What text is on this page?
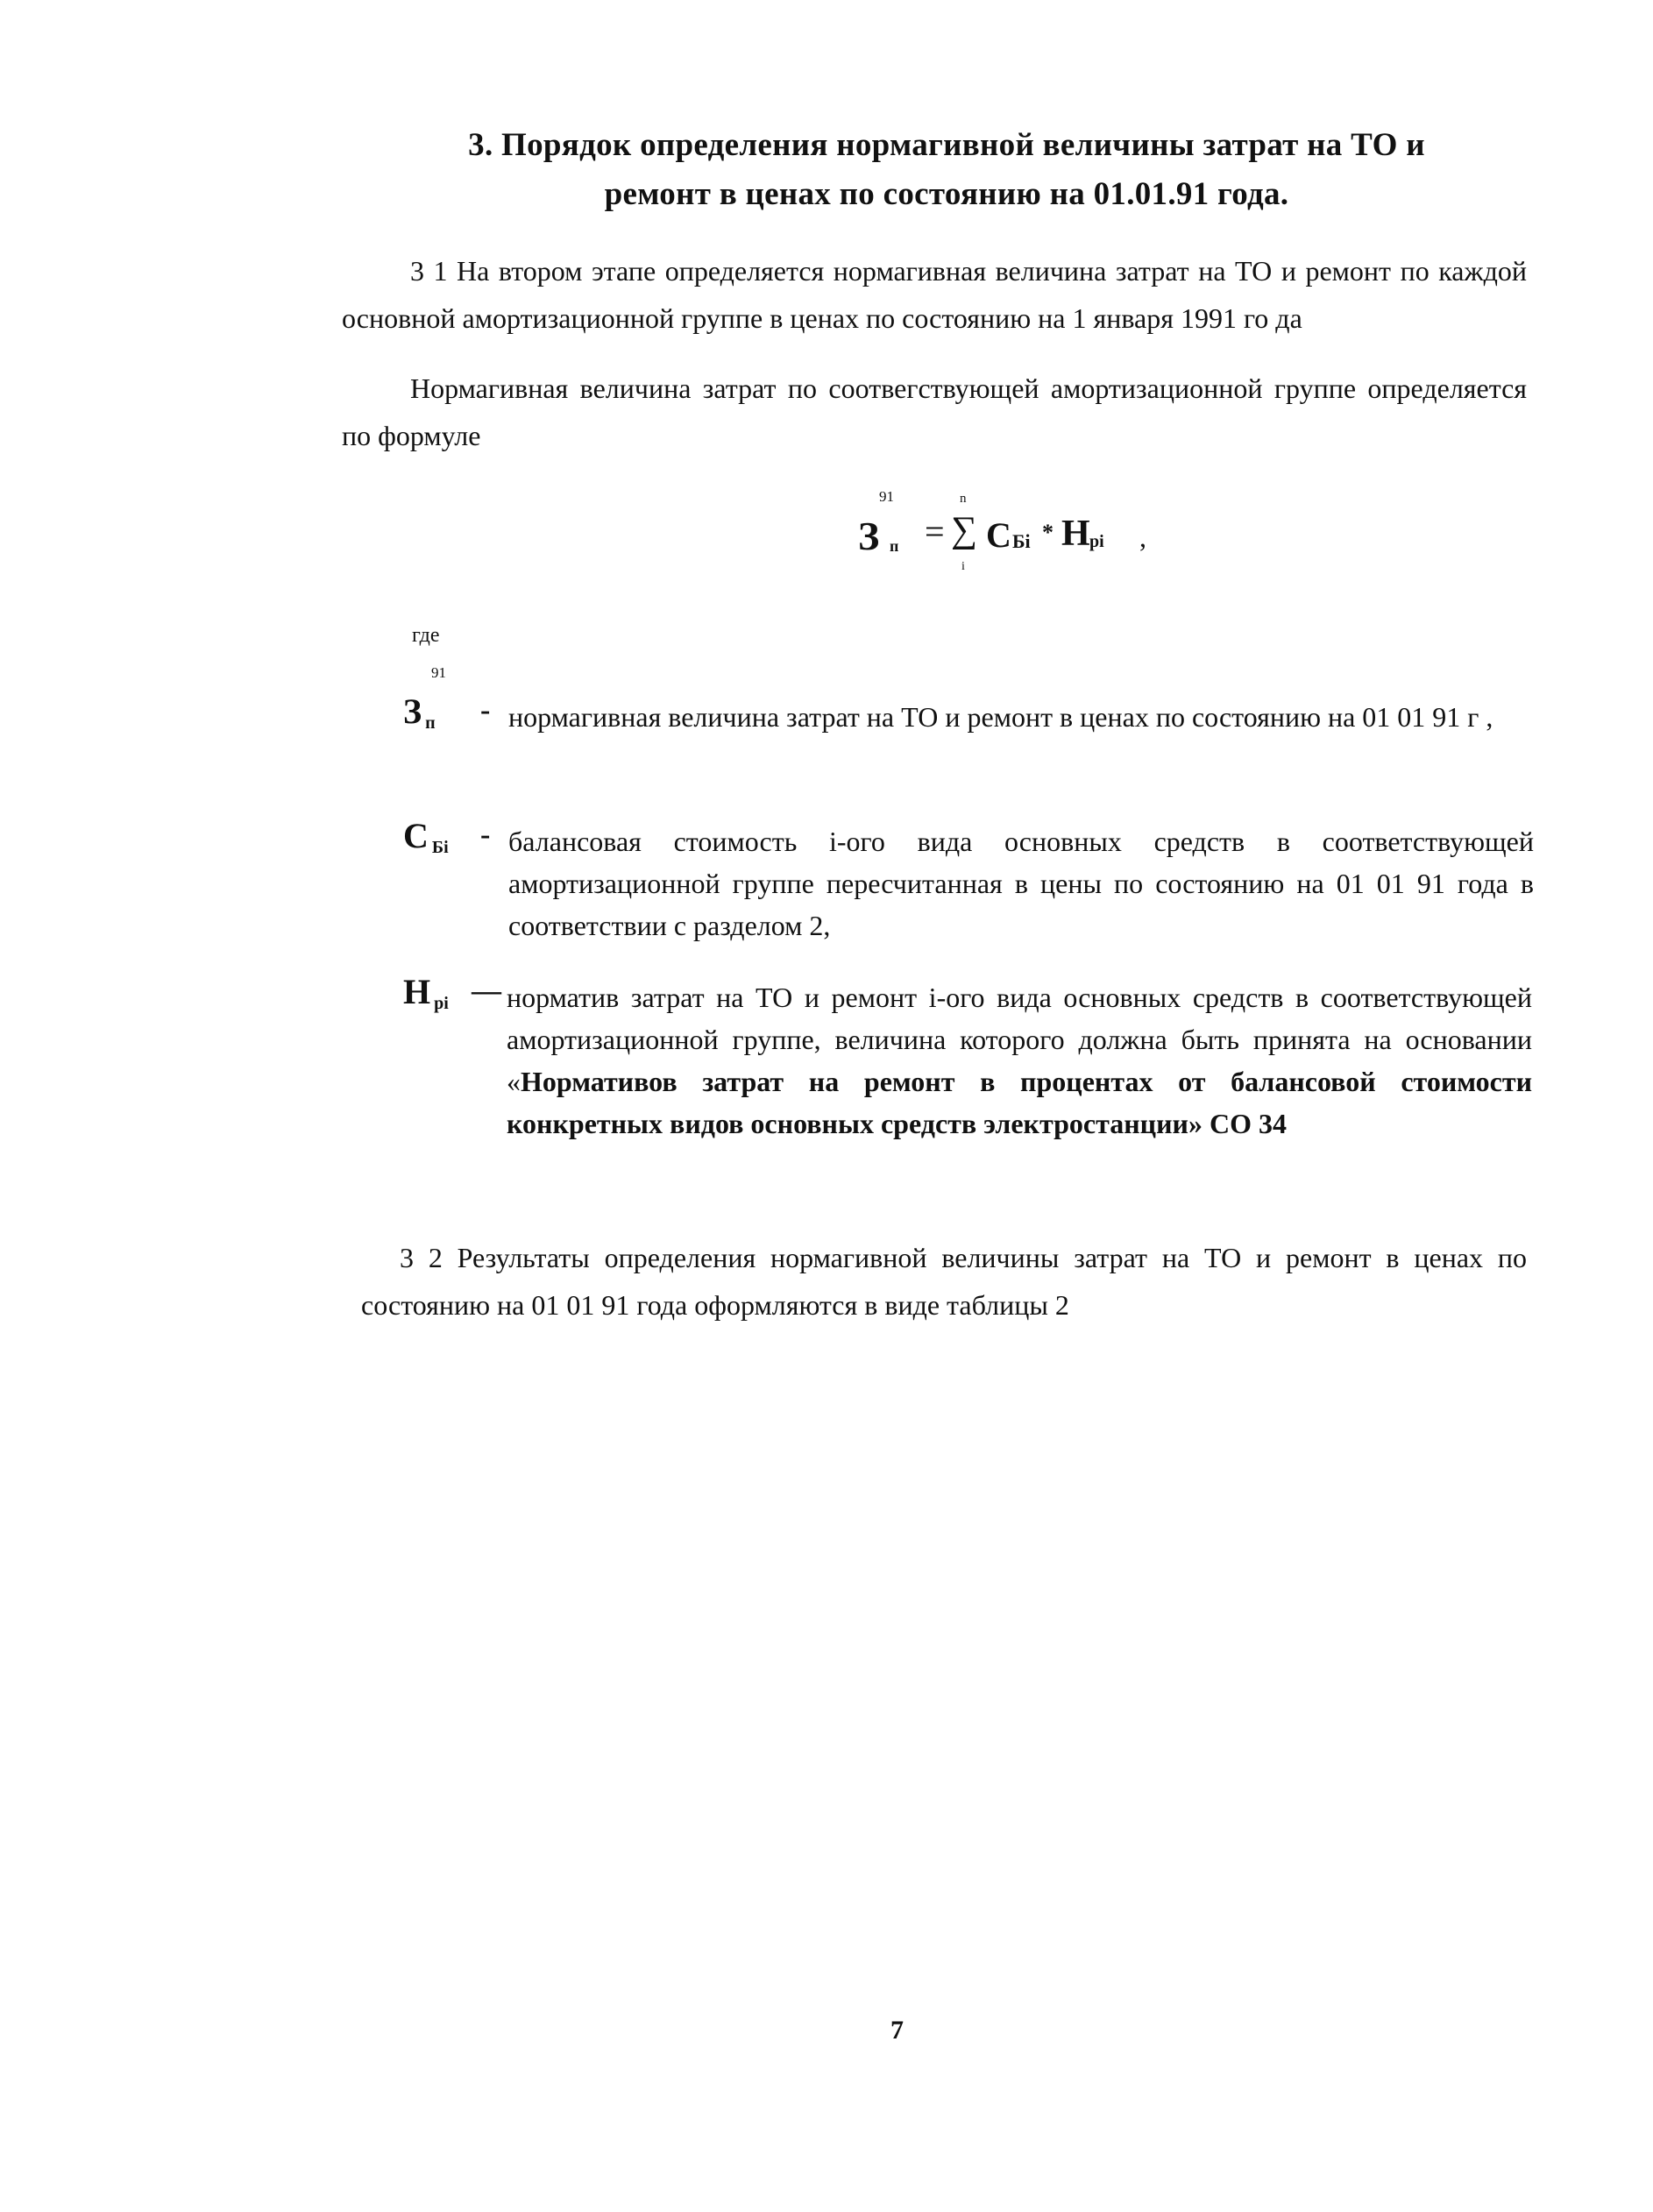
3. Порядок определения нормагивной величины затрат на ТО и
ремонт в ценах по состоянию на 01.01.91 года.
3 1 На втором этапе определяется нормагивная величина затрат на ТО и ремонт по каждой основной амортизационной группе в ценах по состоянию на 1 января 1991 го да
Нормагивная величина затрат по соотвегствующей амортизационной группе определяется по формуле
91	n
З п = ∑
i
С Бi * Н рi ,
где
91
З п - нормагивная величина затрат на ТО и ремонт в ценах по состоянию на 01 01 91 г ,
С Бi - балансовая стоимость i-ого вида основных средств в соответствующей амортизационной группе пересчитанная в цены по состоянию на 01 01 91 года в соответствии с разделом 2,
Нрi — норматив затрат на ТО и ремонт i-ого вида основных средств в соответствующей амортизационной группе, величина которого должна быть принята на основании «Нормативов затрат на ремонт в процентах от балансовой стоимости конкретных видов основных средств электростанции» СО 34
3 2 Результаты определения нормагивной величины затрат на ТО и ремонт в ценах по состоянию на 01 01 91 года оформляются в виде таблицы 2
7
